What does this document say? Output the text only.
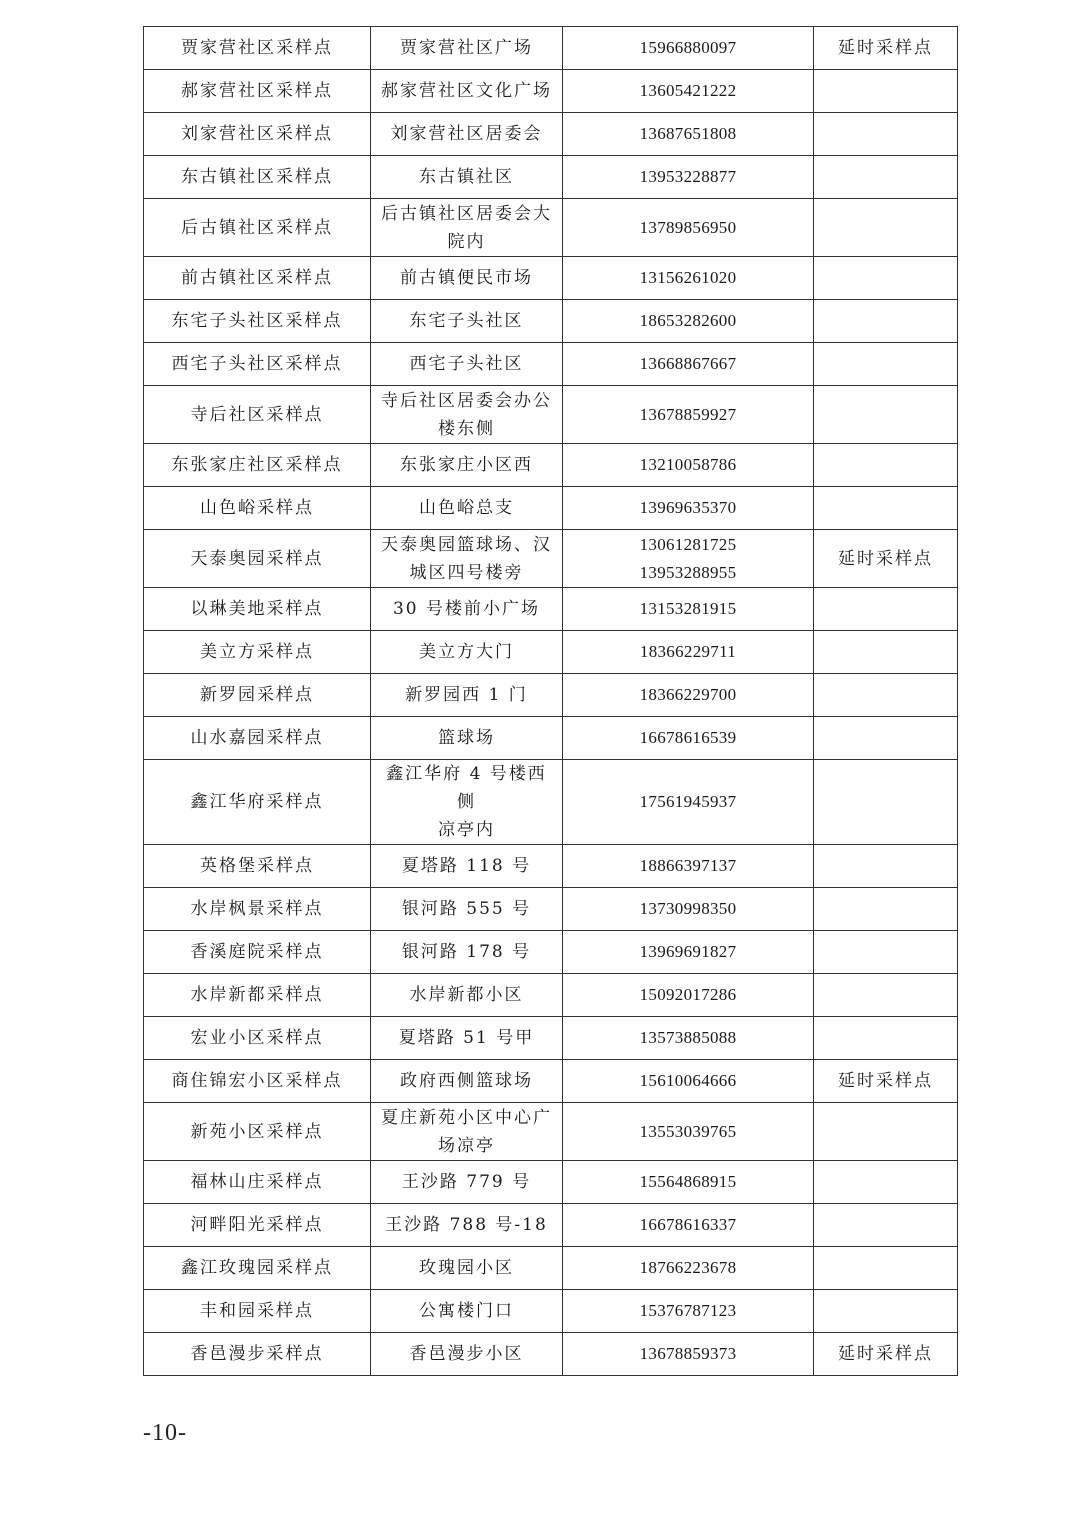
贾家营社区采样点	贾家营社区广场	15966880097	延时采样点
郝家营社区采样点	郝家营社区文化广场	13605421222	

刘家营社区采样点	刘家营社区居委会	13687651808	

东古镇社区采样点	东古镇社区	13953228877	

后古镇社区采样点	后古镇社区居委会大
院内	13789856950	

前古镇社区采样点	前古镇便民市场	13156261020	

东宅子头社区采样点	东宅子头社区	18653282600	

西宅子头社区采样点	西宅子头社区	13668867667	

寺后社区采样点	寺后社区居委会办公
楼东侧	13678859927	

东张家庄社区采样点	东张家庄小区西	13210058786	

山色峪采样点	山色峪总支	13969635370	

天泰奥园采样点	天泰奥园篮球场、汉
城区四号楼旁	13061281725
13953288955	延时采样点
以琳美地采样点	30 号楼前小广场	13153281915	

美立方采样点	美立方大门	18366229711	

新罗园采样点	新罗园西 1 门	18366229700	

山水嘉园采样点	篮球场	16678616539	

鑫江华府采样点	鑫江华府 4 号楼西侧
凉亭内	17561945937	

英格堡采样点	夏塔路 118 号	18866397137	

水岸枫景采样点	银河路 555 号	13730998350	

香溪庭院采样点	银河路 178 号	13969691827	

水岸新都采样点	水岸新都小区	15092017286	

宏业小区采样点	夏塔路 51 号甲	13573885088	

商住锦宏小区采样点	政府西侧篮球场	15610064666	延时采样点
新苑小区采样点	夏庄新苑小区中心广
场凉亭	13553039765	

福林山庄采样点	王沙路 779 号	15564868915	

河畔阳光采样点	王沙路 788 号-18	16678616337	

鑫江玫瑰园采样点	玫瑰园小区	18766223678	

丰和园采样点	公寓楼门口	15376787123	

香邑漫步采样点	香邑漫步小区	13678859373	延时采样点
-10-
